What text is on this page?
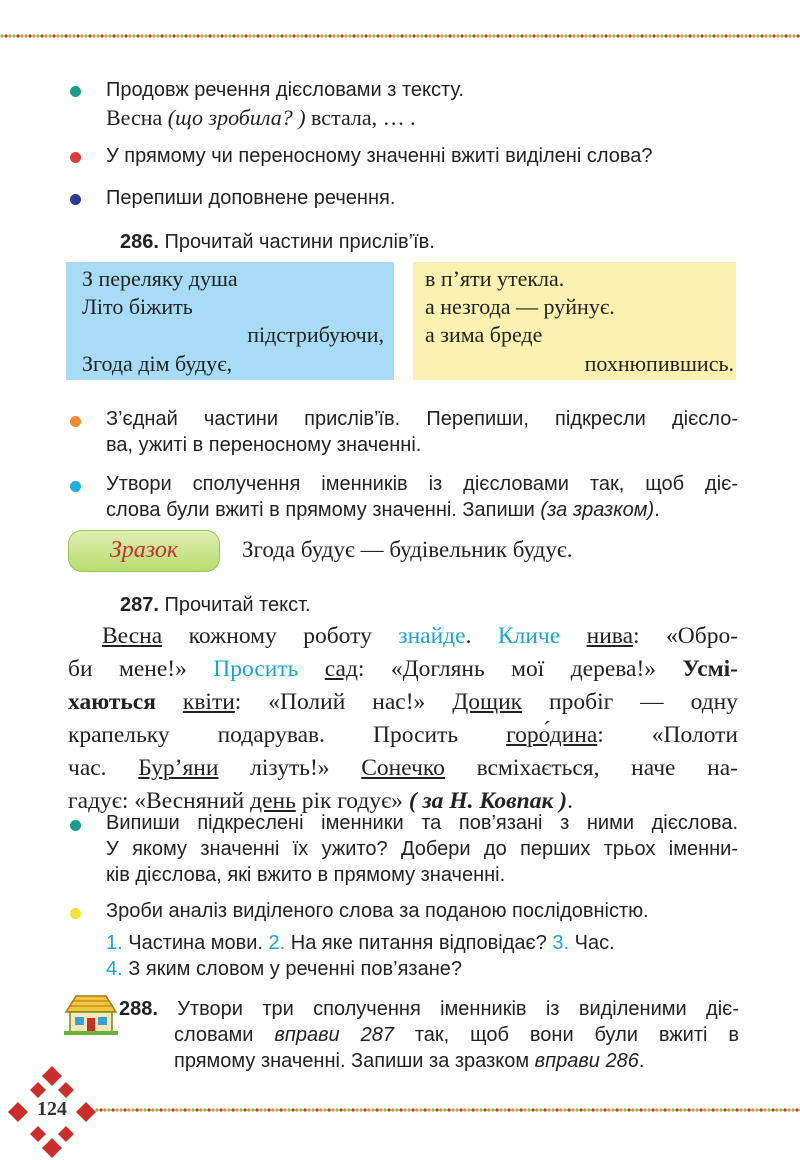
Продовж речення дієсловами з тексту.
Весна (що зробила? ) встала, … .
У прямому чи переносному значенні вжиті виділені слова?
Перепиши доповнене речення.
286. Прочитай частини прислів’їв.
З переляку душа
Літо біжить
підстрибуючи,
Згода дім будує,
в п’яти утекла.
а незгода — руйнує.
а зима бреде
похнюпившись.
З’єднай частини прислів’їв. Перепиши, підкресли дієсло-
ва, ужиті в переносному значенні.
Утвори сполучення іменників із дієсловами так, щоб діє-
слова були вжиті в прямому значенні. Запиши (за зразком).
Зразок	Згода будує — будівельник будує.
287. Прочитай текст.
Весна кожному роботу знайде. Кличе нива: «Обро-
би мене!» Просить сад: «Доглянь мої дерева!» Усмі-
хаються квіти: «Полий нас!» Дощик пробіг — одну
крапельку подарував. Просить горо́дина: «Полоти
час. Бур’яни лізуть!» Сонечко всміхається, наче на-
гадує: «Весняний день рік годує» ( за Н. Ковпак ).
Випиши підкреслені іменники та пов’язані з ними дієслова.
У якому значенні їх ужито? Добери до перших трьох іменни-
ків дієслова, які вжито в прямому значенні.
Зроби аналіз виділеного слова за поданою послідовністю.
1. Частина мови. 2. На яке питання відповідає? 3. Час.
4. З яким словом у реченні пов’язане?
288. Утвори три сполучення іменників із виділеними діє-
словами вправи 287 так, щоб вони були вжиті в
прямому значенні. Запиши за зразком вправи 286.
124
